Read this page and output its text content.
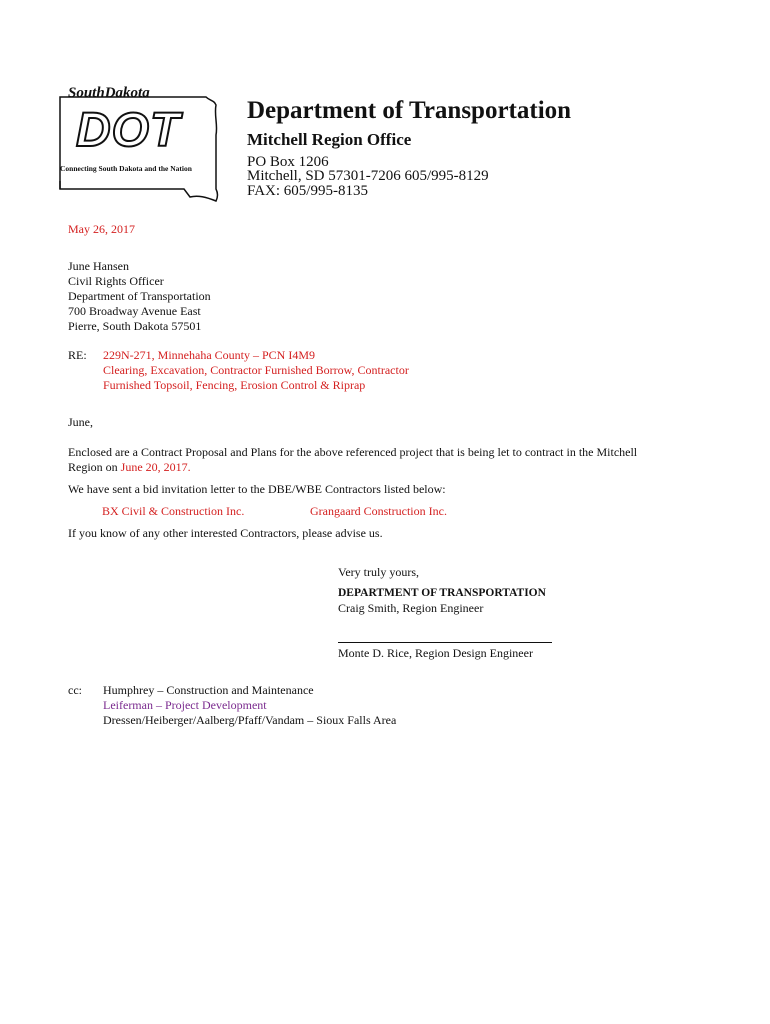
SouthDakota
DOT
Connecting South Dakota and the Nation
Department of Transportation
Mitchell Region Office
PO Box 1206
Mitchell, SD 57301-7206 605/995-8129
FAX: 605/995-8135
May 26, 2017
June Hansen
Civil Rights Officer
Department of Transportation
700 Broadway Avenue East
Pierre, South Dakota 57501
RE: 229N-271, Minnehaha County – PCN I4M9
Clearing, Excavation, Contractor Furnished Borrow, Contractor
Furnished Topsoil, Fencing, Erosion Control & Riprap
June,
Enclosed are a Contract Proposal and Plans for the above referenced project that is being let to contract in the Mitchell
Region on June 20, 2017.
We have sent a bid invitation letter to the DBE/WBE Contractors listed below:
BX Civil & Construction Inc.	Grangaard Construction Inc.
If you know of any other interested Contractors, please advise us.
Very truly yours,
DEPARTMENT OF TRANSPORTATION
Craig Smith, Region Engineer
Monte D. Rice, Region Design Engineer
cc: Humphrey – Construction and Maintenance
Leiferman – Project Development
Dressen/Heiberger/Aalberg/Pfaff/Vandam – Sioux Falls Area
